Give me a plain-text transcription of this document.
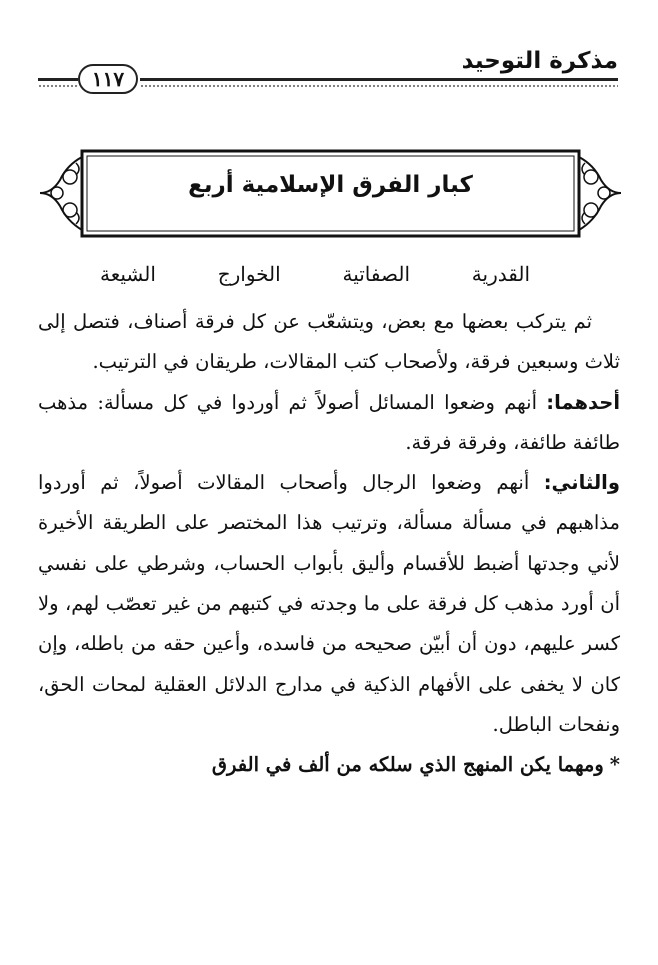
مذكرة التوحيد
١١٧
كبار الفرق الإسلامية أربع
القدرية
الصفاتية
الخوارج
الشيعة

ثم يتركب بعضها مع بعض، ويتشعّب عن كل فرقة أصناف، فتصل إلى ثلاث وسبعين فرقة، ولأصحاب كتب المقالات، طريقان في الترتيب.

أحدهما: أنهم وضعوا المسائل أصولاً ثم أوردوا في كل مسألة: مذهب طائفة طائفة، وفرقة فرقة.

والثاني: أنهم وضعوا الرجال وأصحاب المقالات أصولاً، ثم أوردوا مذاهبهم في مسألة مسألة، وترتيب هذا المختصر على الطريقة الأخيرة لأني وجدتها أضبط للأقسام وأليق بأبواب الحساب، وشرطي على نفسي أن أورد مذهب كل فرقة على ما وجدته في كتبهم من غير تعصّب لهم، ولا كسر عليهم، دون أن أبيّن صحيحه من فاسده، وأعين حقه من باطله، وإن كان لا يخفى على الأفهام الذكية في مدارج الدلائل العقلية لمحات الحق، ونفحات الباطل.

*ومهما يكن المنهج الذي سلكه من ألف في الفرق
